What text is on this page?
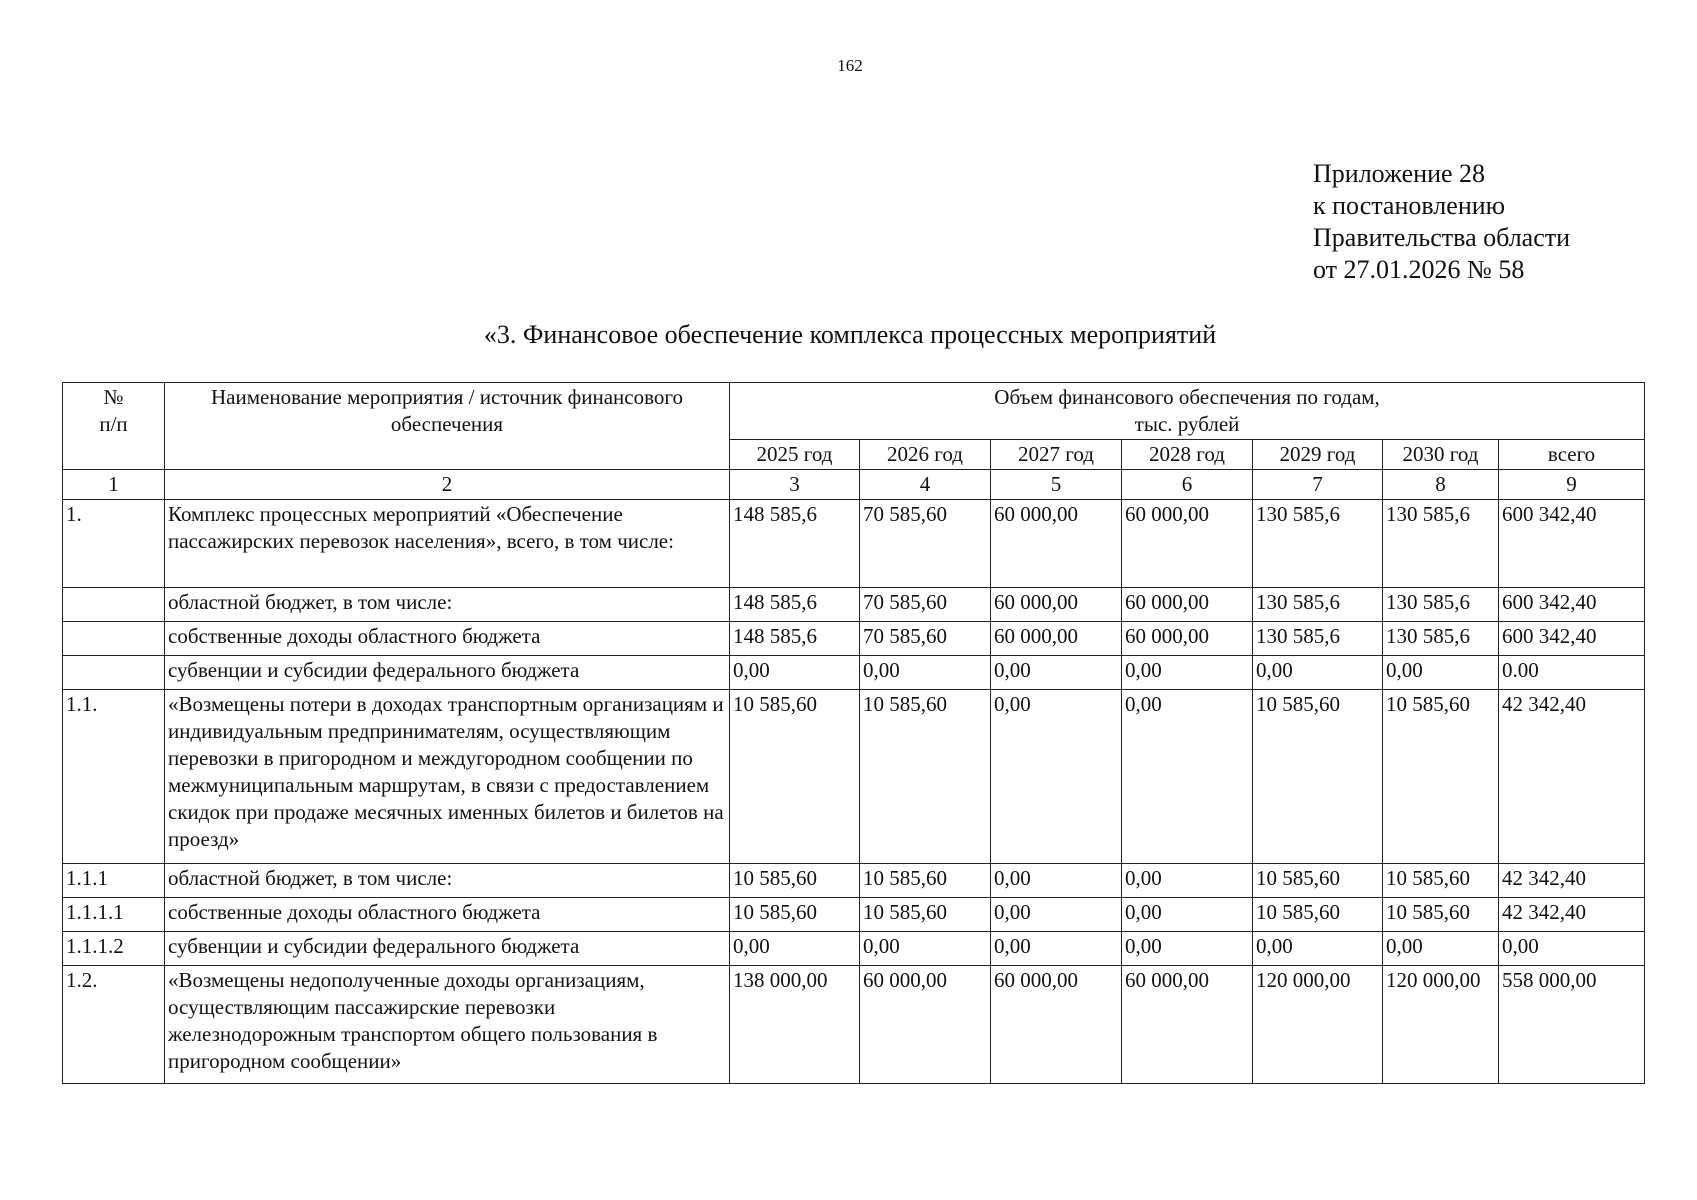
162
Приложение 28
к постановлению
Правительства области
от 27.01.2026 № 58
«3. Финансовое обеспечение комплекса процессных мероприятий
№
п/п	Наименование мероприятия / источник финансового обеспечения	Объем финансового обеспечения по годам,
тыс. рублей						
		2025 год	2026 год	2027 год	2028 год	2029 год	2030 год	всего
1	2	3	4	5	6	7	8	9
1.	Комплекс процессных мероприятий «Обеспечение пассажирских перевозок населения», всего, в том числе:	148 585,6	70 585,60	60 000,00	60 000,00	130 585,6	130 585,6	600 342,40
	областной бюджет, в том числе:	148 585,6	70 585,60	60 000,00	60 000,00	130 585,6	130 585,6	600 342,40
	собственные доходы областного бюджета	148 585,6	70 585,60	60 000,00	60 000,00	130 585,6	130 585,6	600 342,40
	субвенции и субсидии федерального бюджета	0,00	0,00	0,00	0,00	0,00	0,00	0.00
1.1.	«Возмещены потери в доходах транспортным организациям и индивидуальным предпринимателям, осуществляющим перевозки в пригородном и междугородном сообщении по межмуниципальным маршрутам, в связи с предоставлением скидок при продаже месячных именных билетов и билетов на проезд»	10 585,60	10 585,60	0,00	0,00	10 585,60	10 585,60	42 342,40
1.1.1	областной бюджет, в том числе:	10 585,60	10 585,60	0,00	0,00	10 585,60	10 585,60	42 342,40
1.1.1.1	собственные доходы областного бюджета	10 585,60	10 585,60	0,00	0,00	10 585,60	10 585,60	42 342,40
1.1.1.2	субвенции и субсидии федерального бюджета	0,00	0,00	0,00	0,00	0,00	0,00	0,00
1.2.	«Возмещены недополученные доходы организациям, осуществляющим пассажирские перевозки железнодорожным транспортом общего пользования в пригородном сообщении»	138 000,00	60 000,00	60 000,00	60 000,00	120 000,00	120 000,00	558 000,00
